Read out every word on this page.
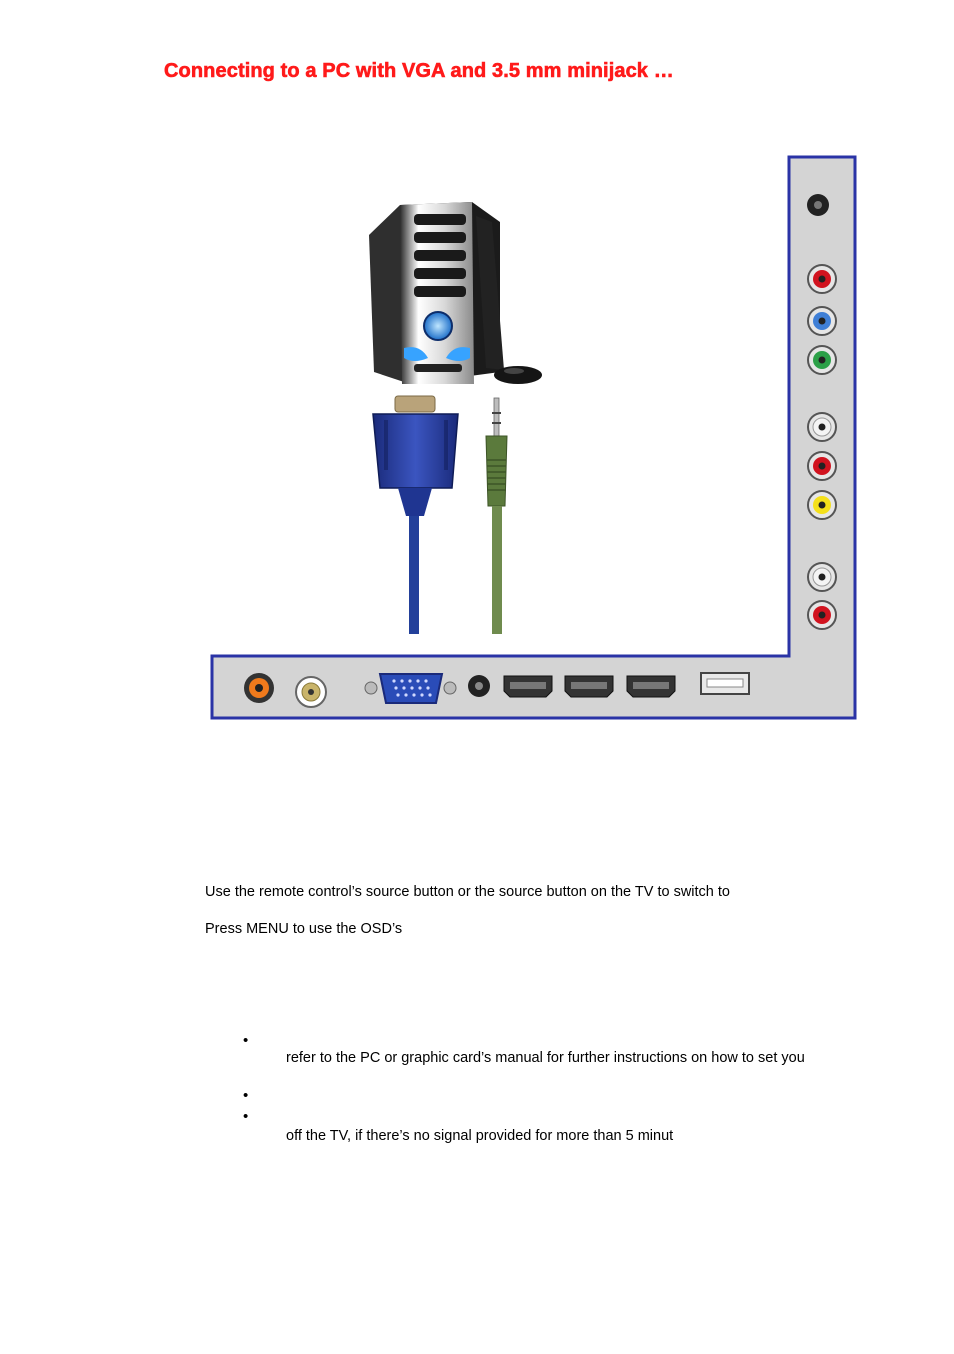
Connecting to a PC with VGA and 3.5 mm minijack …
Use the remote control’s source button or the source button on the TV to switch to
Press MENU to use the OSD’s
•
refer to the PC or graphic card’s manual for further instructions on how to set you
•
•
off the TV, if there’s no signal provided for more than 5 minut
